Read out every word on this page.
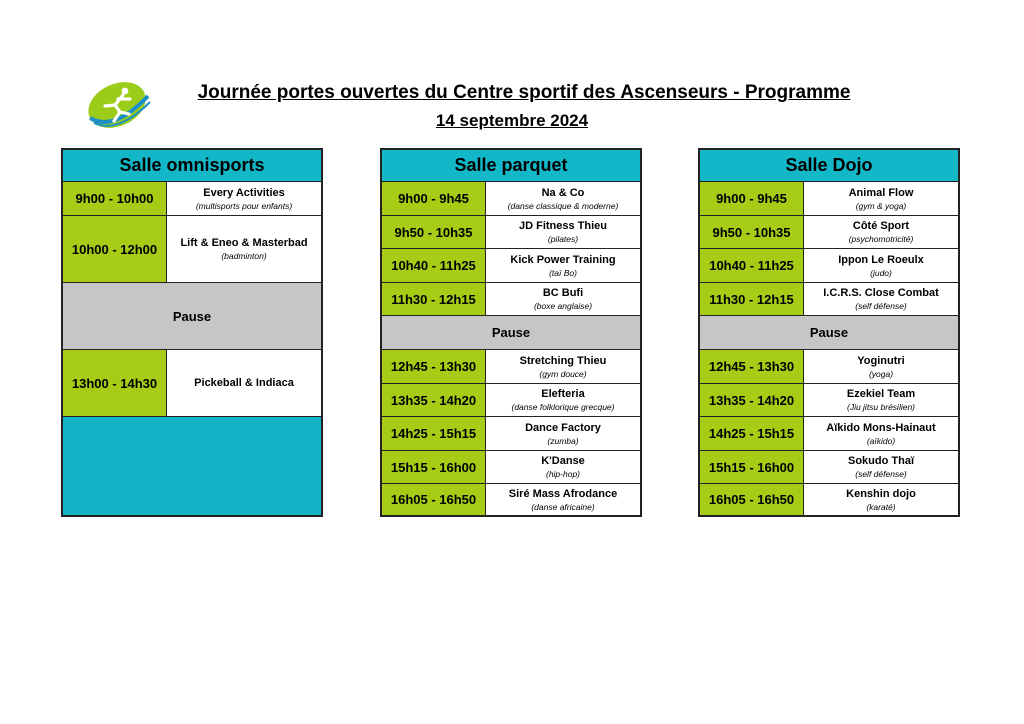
Journée portes ouvertes du Centre sportif des Ascenseurs - Programme
14 septembre 2024
Salle omnisports
9h00 - 10h00	Every Activities
(multisports pour enfants)
10h00 - 12h00	Lift & Eneo & Masterbad
(badminton)
Pause
13h00 - 14h30	Pickeball & Indiaca
Salle parquet
9h00 - 9h45	Na & Co
(danse classique & moderne)
9h50 - 10h35	JD Fitness Thieu
(pilates)
10h40 - 11h25	Kick Power Training
(taï Bo)
11h30 - 12h15	BC Bufi
(boxe anglaise)
Pause
12h45 - 13h30	Stretching Thieu
(gym douce)
13h35 - 14h20	Elefteria
(danse folklorique grecque)
14h25 - 15h15	Dance Factory
(zumba)
15h15 - 16h00	K'Danse
(hip-hop)
16h05 - 16h50	Siré Mass Afrodance
(danse africaine)
Salle Dojo
9h00 - 9h45	Animal Flow
(gym & yoga)
9h50 - 10h35	Côté Sport
(psychomotricité)
10h40 - 11h25	Ippon Le Roeulx
(judo)
11h30 - 12h15	I.C.R.S. Close Combat
(self défense)
Pause
12h45 - 13h30	Yoginutri
(yoga)
13h35 - 14h20	Ezekiel Team
(Jiu jitsu brésilien)
14h25 - 15h15	Aïkido Mons-Hainaut
(aïkido)
15h15 - 16h00	Sokudo Thaï
(self défense)
16h05 - 16h50	Kenshin dojo
(karaté)
